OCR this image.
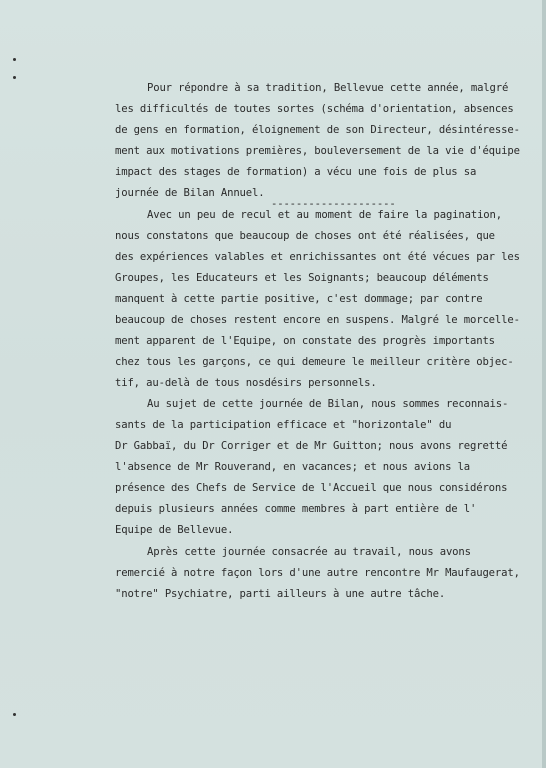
Pour répondre à sa tradition, Bellevue cette année, malgré

les difficultés de toutes sortes (schéma d'orientation, absences

de gens en formation, éloignement de son Directeur, désintéresse-

ment aux motivations premières, bouleversement de la vie d'équipe

impact des stages de formation) a vécu une fois de plus sa

journée de Bilan Annuel.

--------------------

Avec un peu de recul et au moment de faire la pagination,

nous constatons que beaucoup de choses ont été réalisées, que

des expériences valables et enrichissantes ont été vécues par les

Groupes, les Educateurs et les Soignants; beaucoup déléments

manquent à cette partie positive, c'est dommage; par contre

beaucoup de choses restent encore en suspens. Malgré le morcelle-

ment apparent de l'Equipe, on constate des progrès importants

chez tous les garçons, ce qui demeure le meilleur critère objec-

tif, au-delà de tous nosdésirs personnels.

Au sujet de cette journée de Bilan, nous sommes reconnais-

sants de la participation efficace et "horizontale" du

Dr Gabbaï, du Dr Corriger et de Mr Guitton; nous avons regretté

l'absence de Mr Rouverand, en vacances; et nous avions la

présence des Chefs de Service de l'Accueil que nous considérons

depuis plusieurs années comme membres à part entière de l'

Equipe de Bellevue.

Après cette journée consacrée au travail, nous avons

remercié à notre façon lors d'une autre rencontre Mr Maufaugerat,

"notre" Psychiatre, parti ailleurs à une autre tâche.
